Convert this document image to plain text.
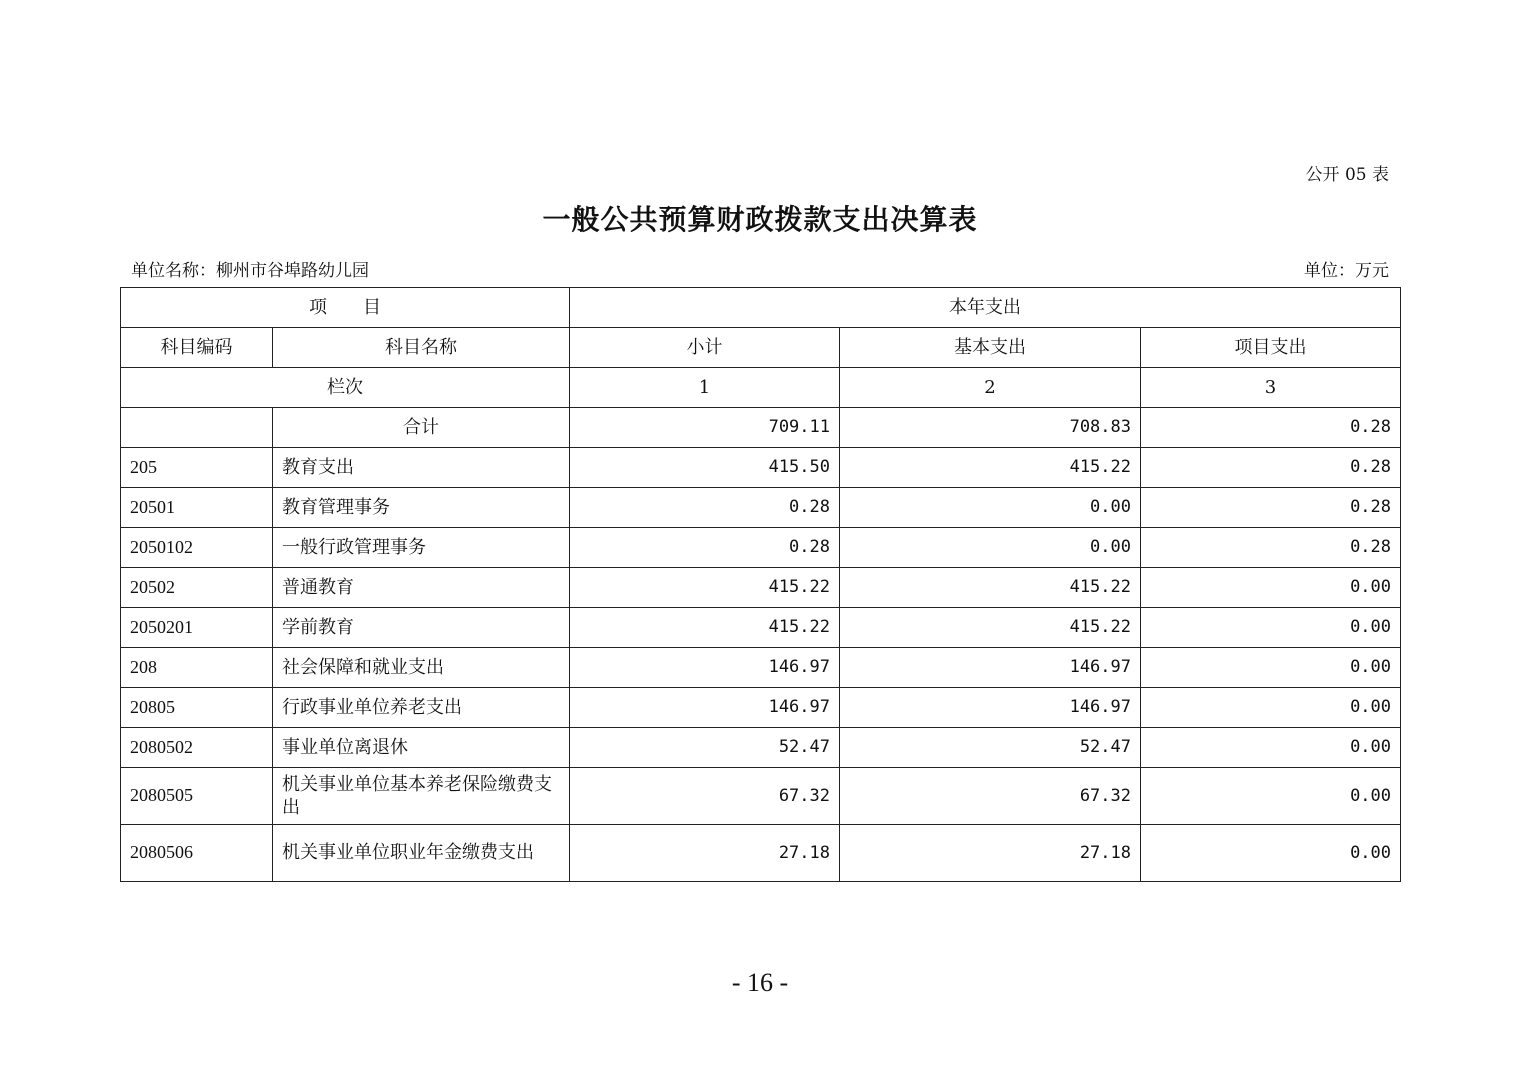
公开 05 表
一般公共预算财政拨款支出决算表
单位名称：柳州市谷埠路幼儿园	单位：万元
项　　目		本年支出		
科目编码	科目名称	小计	基本支出	项目支出
栏次		1	2	3
	合计	709.11	708.83	0.28
205	教育支出	415.50	415.22	0.28
20501	教育管理事务	0.28	0.00	0.28
2050102	一般行政管理事务	0.28	0.00	0.28
20502	普通教育	415.22	415.22	0.00
2050201	学前教育	415.22	415.22	0.00
208	社会保障和就业支出	146.97	146.97	0.00
20805	行政事业单位养老支出	146.97	146.97	0.00
2080502	事业单位离退休	52.47	52.47	0.00
2080505	机关事业单位基本养老保险缴费支出	67.32	67.32	0.00
2080506	机关事业单位职业年金缴费支出	27.18	27.18	0.00
- 16 -
